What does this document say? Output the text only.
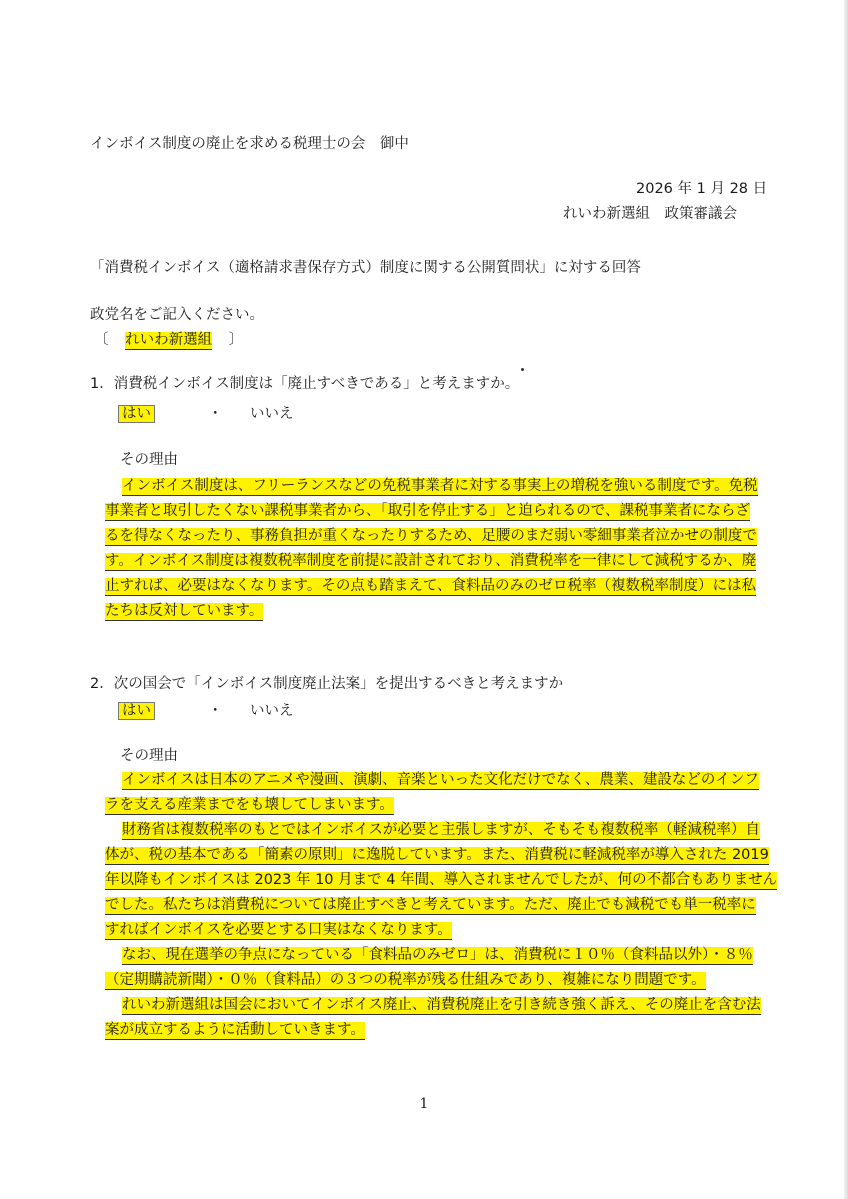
インボイス制度の廃止を求める税理士の会　御中
2026 年 1 月 28 日
れいわ新選組　政策審議会
「消費税インボイス（適格請求書保存方式）制度に関する公開質問状」に対する回答
政党名をご記入ください。
〔 れいわ新選組 〕
1．消費税インボイス制度は「廃止すべきである」と考えますか。
はい	・ いいえ
その理由
インボイス制度は、フリーランスなどの免税事業者に対する事実上の増税を強いる制度です。免税
事業者と取引したくない課税事業者から、「取引を停止する」と迫られるので、課税事業者にならざ
るを得なくなったり、事務負担が重くなったりするため、足腰のまだ弱い零細事業者泣かせの制度で
す。インボイス制度は複数税率制度を前提に設計されており、消費税率を一律にして減税するか、廃
止すれば、必要はなくなります。その点も踏まえて、食料品のみのゼロ税率（複数税率制度）には私
たちは反対しています。
2．次の国会で「インボイス制度廃止法案」を提出するべきと考えますか
はい	・ いいえ
その理由
インボイスは日本のアニメや漫画、演劇、音楽といった文化だけでなく、農業、建設などのインフ
ラを支える産業までをも壊してしまいます。
財務省は複数税率のもとではインボイスが必要と主張しますが、そもそも複数税率（軽減税率）自
体が、税の基本である「簡素の原則」に逸脱しています。また、消費税に軽減税率が導入された 2019
年以降もインボイスは 2023 年 10 月まで 4 年間、導入されませんでしたが、何の不都合もありません
でした。私たちは消費税については廃止すべきと考えています。ただ、廃止でも減税でも単一税率に
すればインボイスを必要とする口実はなくなります。
なお、現在選挙の争点になっている「食料品のみゼロ」は、消費税に１０％（食料品以外）・８％
（定期購読新聞）・０％（食料品）の３つの税率が残る仕組みであり、複雑になり問題です。
れいわ新選組は国会においてインボイス廃止、消費税廃止を引き続き強く訴え、その廃止を含む法
案が成立するように活動していきます。
1
